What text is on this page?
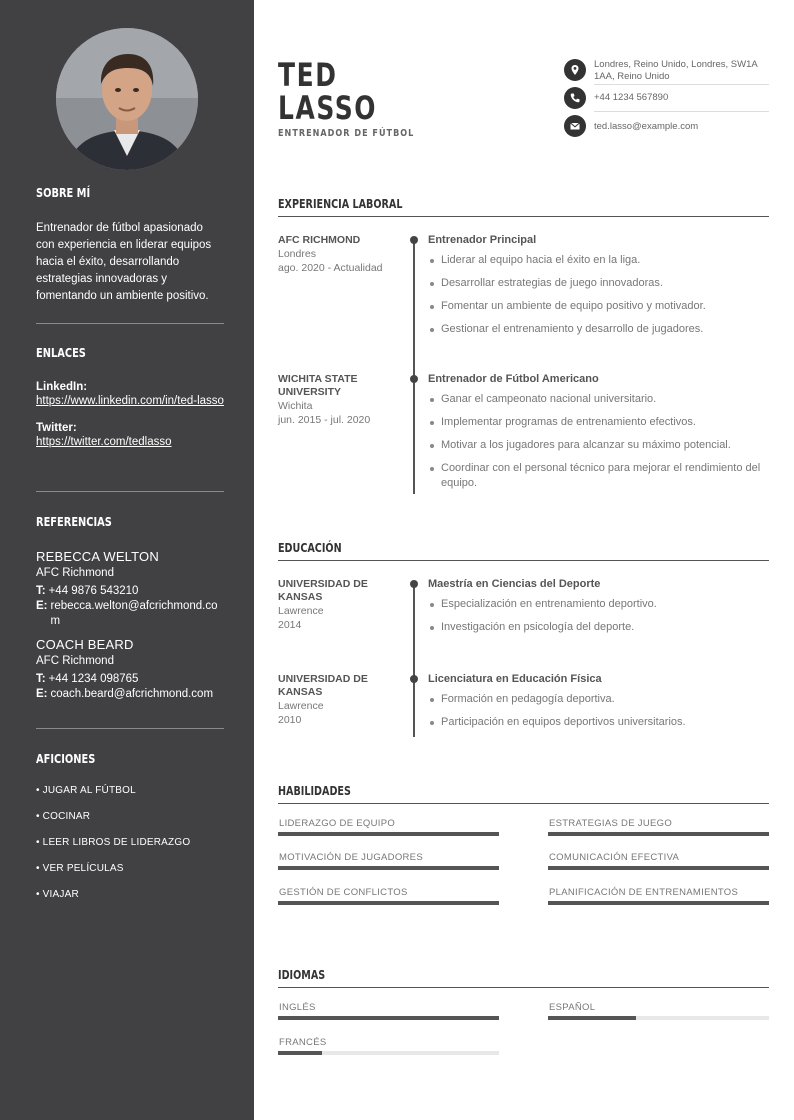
SOBRE MÍ
Entrenador de fútbol apasionado con experiencia en liderar equipos hacia el éxito, desarrollando estrategias innovadoras y fomentando un ambiente positivo.
ENLACES
LinkedIn:
https://www.linkedin.com/in/ted-lasso
Twitter:
https://twitter.com/tedlasso
REFERENCIAS
REBECCA WELTON
AFC Richmond
T: +44 9876 543210
E: rebecca.welton@afcrichmond.com
COACH BEARD
AFC Richmond
T: +44 1234 098765
E: coach.beard@afcrichmond.com
AFICIONES
• JUGAR AL FÚTBOL
• COCINAR
• LEER LIBROS DE LIDERAZGO
• VER PELÍCULAS
• VIAJAR
TED
LASSO
ENTRENADOR DE FÚTBOL
Londres, Reino Unido, Londres, SW1A 1AA, Reino Unido
+44 1234 567890
ted.lasso@example.com
EXPERIENCIA LABORAL
AFC RICHMOND
Londres
ago. 2020 - Actualidad
Entrenador Principal
Liderar al equipo hacia el éxito en la liga.
Desarrollar estrategias de juego innovadoras.
Fomentar un ambiente de equipo positivo y motivador.
Gestionar el entrenamiento y desarrollo de jugadores.
WICHITA STATE UNIVERSITY
Wichita
jun. 2015 - jul. 2020
Entrenador de Fútbol Americano
Ganar el campeonato nacional universitario.
Implementar programas de entrenamiento efectivos.
Motivar a los jugadores para alcanzar su máximo potencial.
Coordinar con el personal técnico para mejorar el rendimiento del equipo.
EDUCACIÓN
UNIVERSIDAD DE KANSAS
Lawrence
2014
Maestría en Ciencias del Deporte
Especialización en entrenamiento deportivo.
Investigación en psicología del deporte.
UNIVERSIDAD DE KANSAS
Lawrence
2010
Licenciatura en Educación Física
Formación en pedagogía deportiva.
Participación en equipos deportivos universitarios.
HABILIDADES
LIDERAZGO DE EQUIPO	ESTRATEGIAS DE JUEGO
MOTIVACIÓN DE JUGADORES	COMUNICACIÓN EFECTIVA
GESTIÓN DE CONFLICTOS	PLANIFICACIÓN DE ENTRENAMIENTOS
IDIOMAS
INGLÉS	ESPAÑOL
FRANCÉS
